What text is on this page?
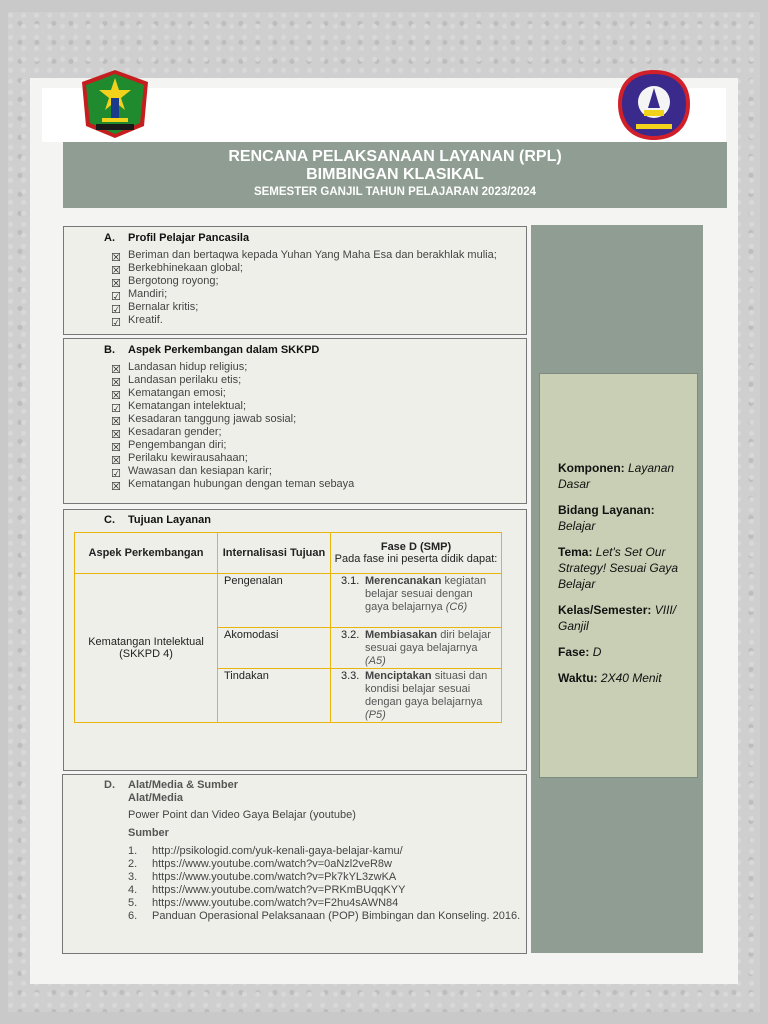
RENCANA PELAKSANAAN LAYANAN (RPL)
BIMBINGAN KLASIKAL
SEMESTER GANJIL TAHUN PELAJARAN 2023/2024
Komponen: Layanan Dasar
Bidang Layanan:
Belajar
Tema: Let's Set Our Strategy! Sesuai Gaya Belajar
Kelas/Semester: VIII/ Ganjil
Fase: D
Waktu: 2X40 Menit
A. Profil Pelajar Pancasila
☒ Beriman dan bertaqwa kepada Yuhan Yang Maha Esa dan berakhlak mulia;
☒ Berkebhinekaan global;
☒ Bergotong royong;
☑ Mandiri;
☑ Bernalar kritis;
☑ Kreatif.
B. Aspek Perkembangan dalam SKKPD
☒ Landasan hidup religius;
☒ Landasan perilaku etis;
☒ Kematangan emosi;
☑ Kematangan intelektual;
☒ Kesadaran tanggung jawab sosial;
☒ Kesadaran gender;
☒ Pengembangan diri;
☒ Perilaku kewirausahaan;
☑ Wawasan dan kesiapan karir;
☒ Kematangan hubungan dengan teman sebaya
C. Tujuan Layanan
Aspek Perkembangan	Internalisasi Tujuan	Fase D (SMP)
Pada fase ini peserta didik dapat:

Kematangan Intelektual (SKKPD 4)	Pengenalan	3.1. Merencanakan kegiatan belajar sesuai dengan gaya belajarnya (C6)

	Akomodasi	3.2. Membiasakan diri belajar sesuai gaya belajarnya (A5)

	Tindakan	3.3. Menciptakan situasi dan kondisi belajar sesuai dengan gaya belajarnya (P5)
D. Alat/Media & Sumber
Alat/Media
Power Point dan Video Gaya Belajar (youtube)
Sumber
1.	http://psikologid.com/yuk-kenali-gaya-belajar-kamu/
2.	https://www.youtube.com/watch?v=0aNzl2veR8w
3.	https://www.youtube.com/watch?v=Pk7kYL3zwKA
4.	https://www.youtube.com/watch?v=PRKmBUqqKYY
5.	https://www.youtube.com/watch?v=F2hu4sAWN84
6.	Panduan Operasional Pelaksanaan (POP) Bimbingan dan Konseling. 2016.
